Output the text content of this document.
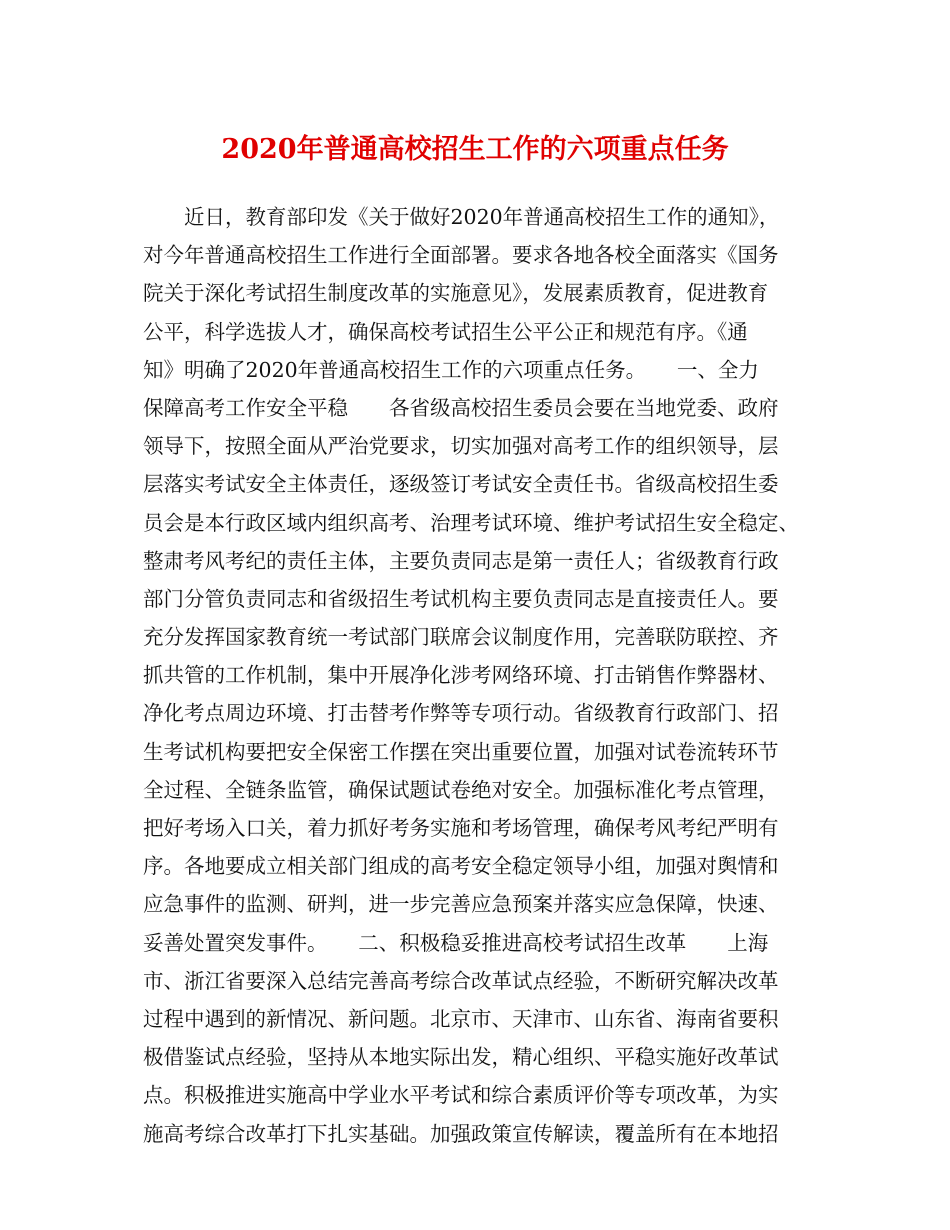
2020年普通高校招生工作的六项重点任务
近日，教育部印发《关于做好2020年普通高校招生工作的通知》，
对今年普通高校招生工作进行全面部署。要求各地各校全面落实《国务
院关于深化考试招生制度改革的实施意见》，发展素质教育，促进教育
公平，科学选拔人才，确保高校考试招生公平公正和规范有序。《通
知》明确了2020年普通高校招生工作的六项重点任务。　　一、全力
保障高考工作安全平稳　　各省级高校招生委员会要在当地党委、政府
领导下，按照全面从严治党要求，切实加强对高考工作的组织领导，层
层落实考试安全主体责任，逐级签订考试安全责任书。省级高校招生委
员会是本行政区域内组织高考、治理考试环境、维护考试招生安全稳定、
整肃考风考纪的责任主体，主要负责同志是第一责任人；省级教育行政
部门分管负责同志和省级招生考试机构主要负责同志是直接责任人。要
充分发挥国家教育统一考试部门联席会议制度作用，完善联防联控、齐
抓共管的工作机制，集中开展净化涉考网络环境、打击销售作弊器材、
净化考点周边环境、打击替考作弊等专项行动。省级教育行政部门、招
生考试机构要把安全保密工作摆在突出重要位置，加强对试卷流转环节
全过程、全链条监管，确保试题试卷绝对安全。加强标准化考点管理，
把好考场入口关，着力抓好考务实施和考场管理，确保考风考纪严明有
序。各地要成立相关部门组成的高考安全稳定领导小组，加强对舆情和
应急事件的监测、研判，进一步完善应急预案并落实应急保障，快速、
妥善处置突发事件。　　二、积极稳妥推进高校考试招生改革　　上海
市、浙江省要深入总结完善高考综合改革试点经验，不断研究解决改革
过程中遇到的新情况、新问题。北京市、天津市、山东省、海南省要积
极借鉴试点经验，坚持从本地实际出发，精心组织、平稳实施好改革试
点。积极推进实施高中学业水平考试和综合素质评价等专项改革，为实
施高考综合改革打下扎实基础。加强政策宣传解读，覆盖所有在本地招
